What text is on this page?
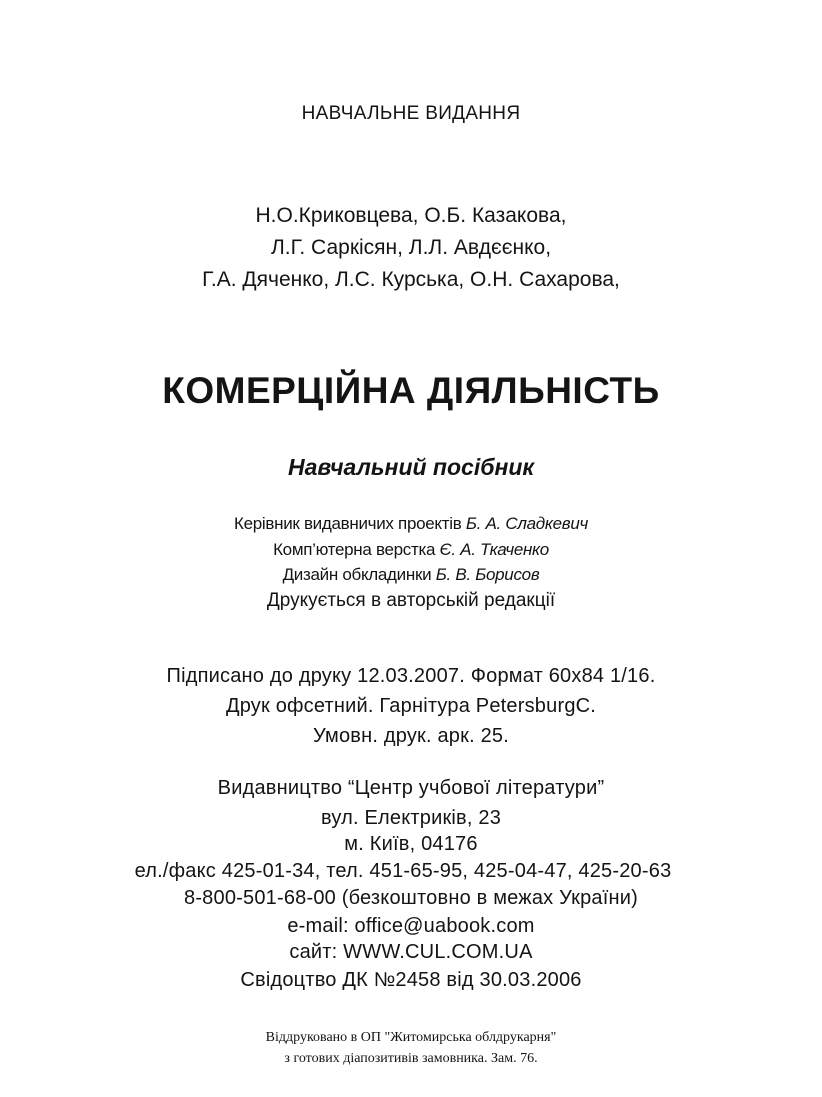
НАВЧАЛЬНЕ ВИДАННЯ
Н.О.Криковцева, О.Б. Казакова,
Л.Г. Саркісян, Л.Л. Авдєєнко,
Г.А. Дяченко, Л.С. Курська, О.Н. Сахарова,
КОМЕРЦІЙНА ДІЯЛЬНІСТЬ
Навчальний посібник
Керівник видавничих проектів Б. А. Сладкевич
Комп’ютерна верстка Є. А. Ткаченко
Дизайн обкладинки Б. В. Борисов
Друкується в авторській редакції
Підписано до друку 12.03.2007. Формат 60х84 1/16.
Друк офсетний. Гарнітура PetersburgC.
Умовн. друк. арк. 25.
Видавництво “Центр учбової літератури”
вул. Електриків, 23
м. Київ, 04176
ел./факс 425-01-34, тел. 451-65-95, 425-04-47, 425-20-63
8-800-501-68-00 (безкоштовно в межах України)
e-mail: office@uabook.com
сайт: WWW.CUL.COM.UA
Свідоцтво ДК №2458 від 30.03.2006
Віддруковано в ОП "Житомирська облдрукарня"
з готових діапозитивів замовника. Зам. 76.
